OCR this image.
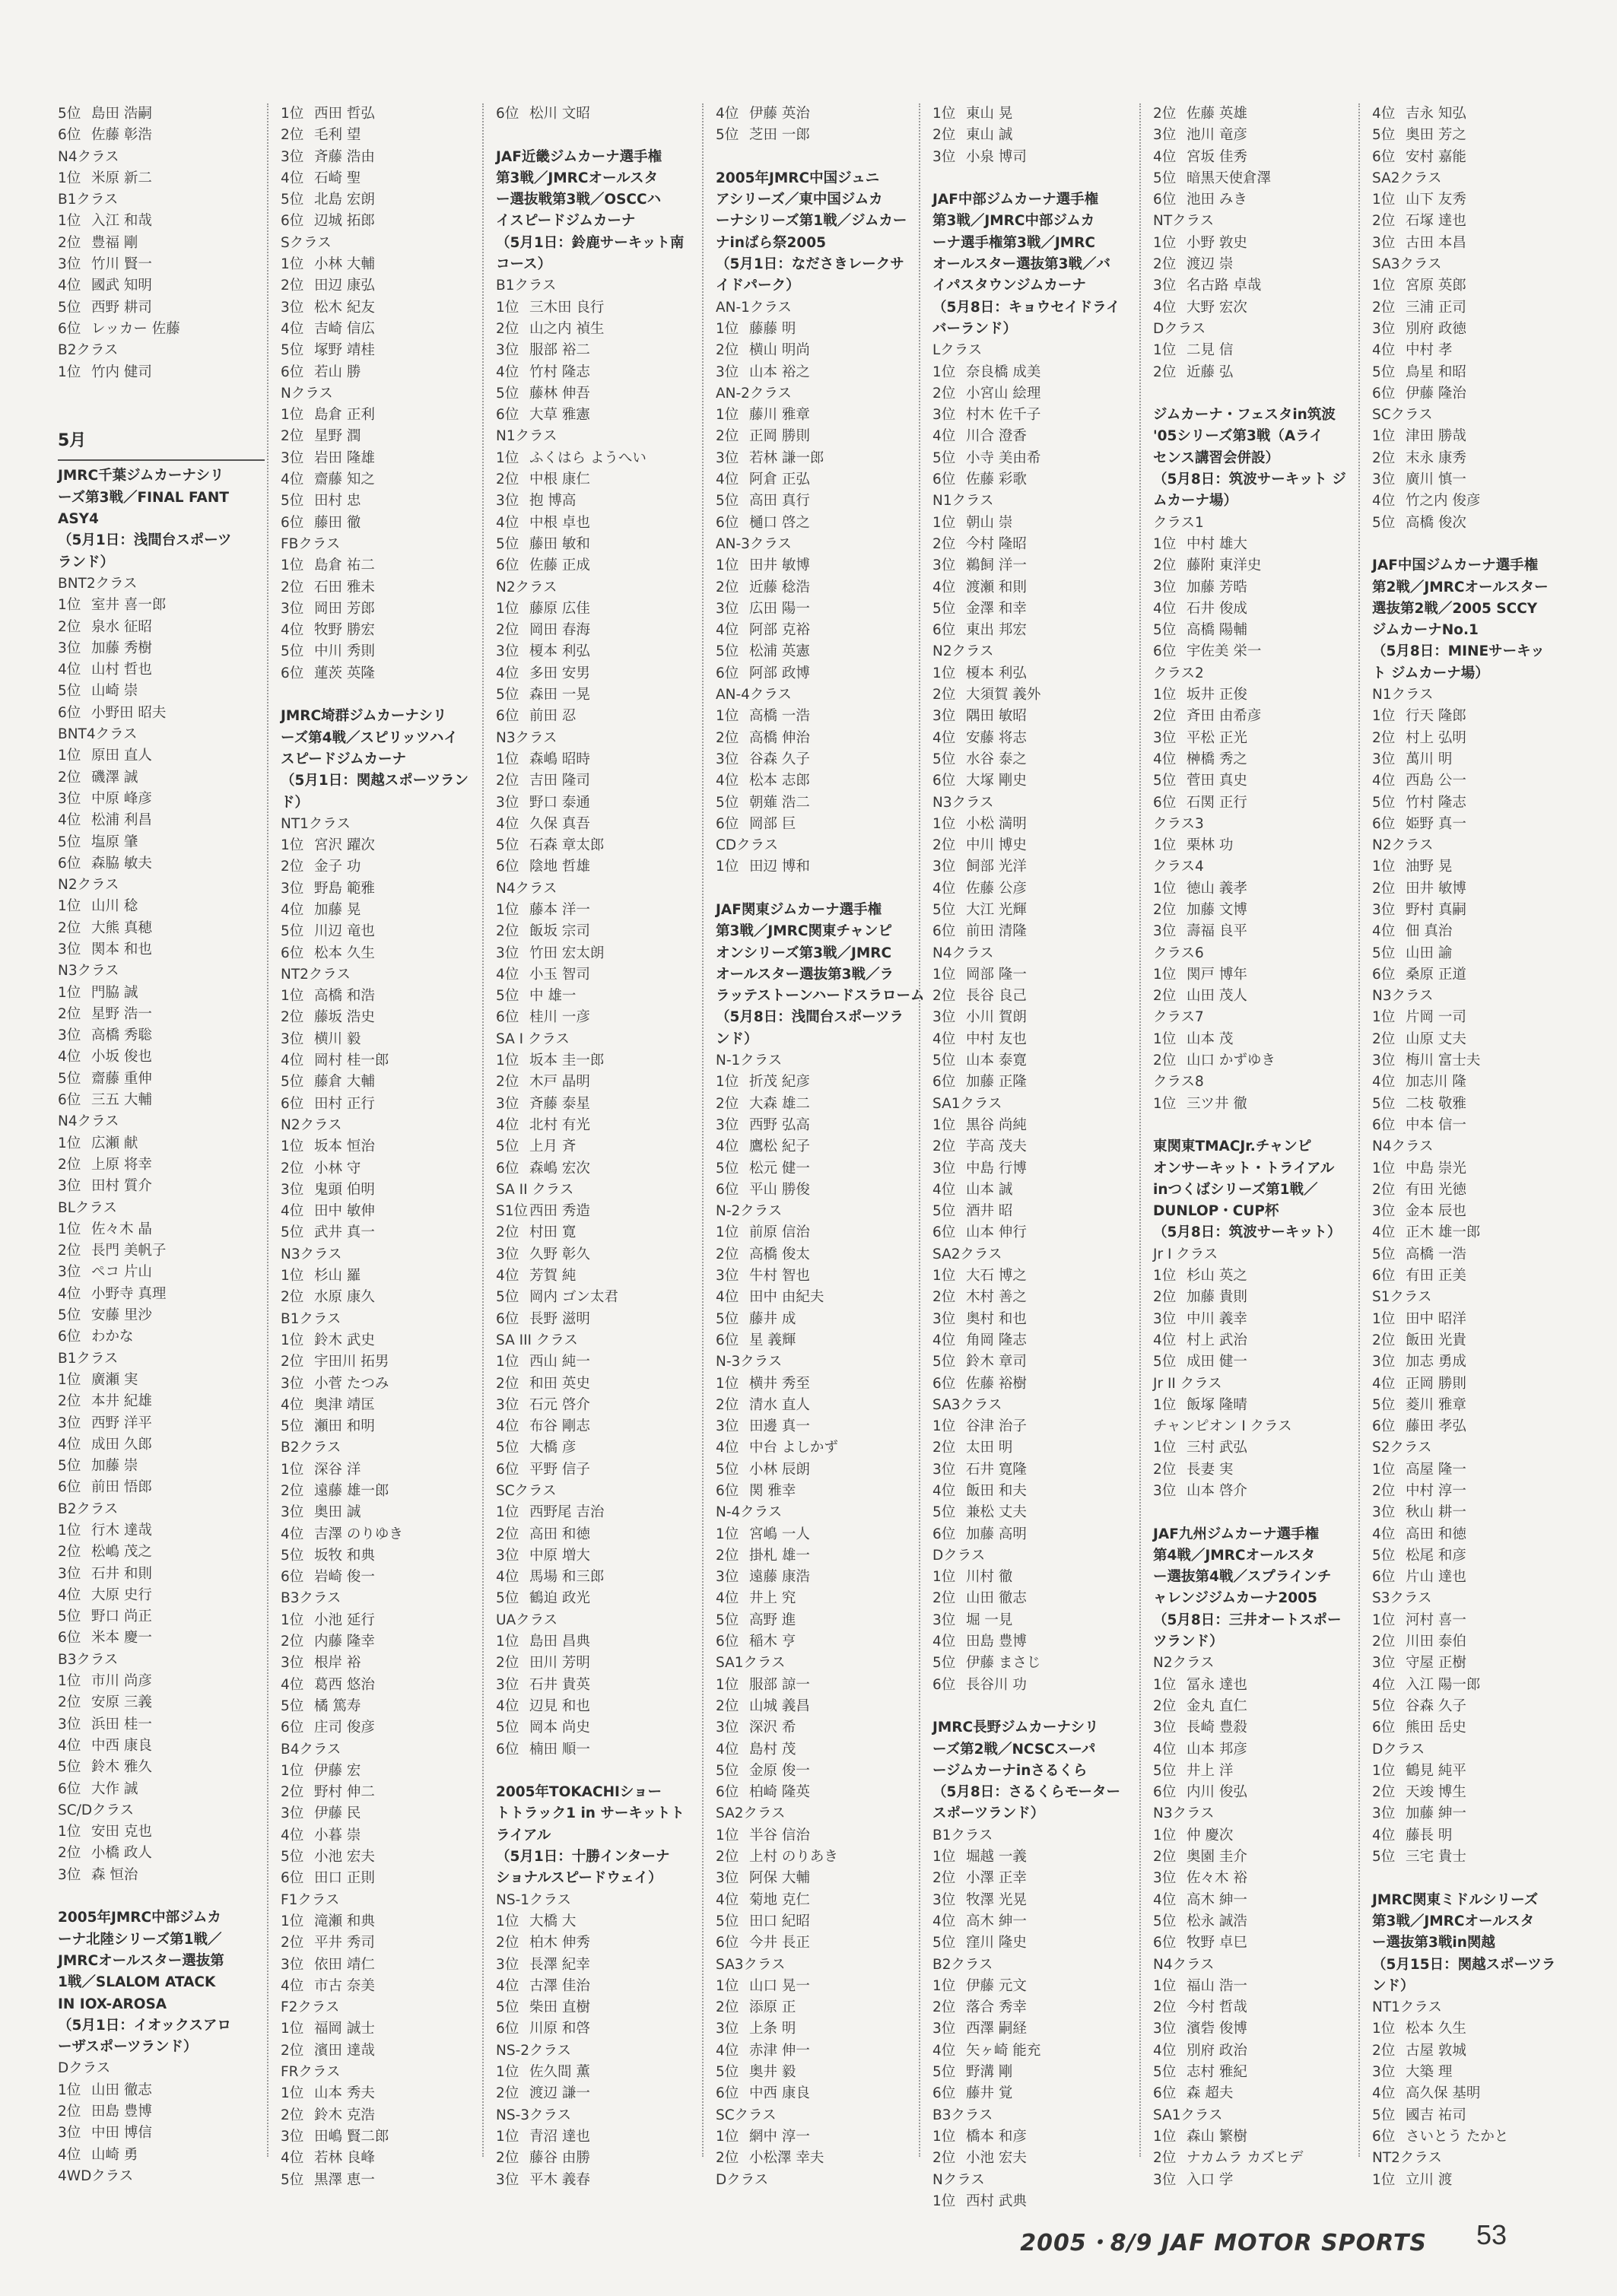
5位 島田 浩嗣
6位 佐藤 彰浩
N4クラス
1位 米原 新二
B1クラス
1位 入江 和哉
2位 豊福 剛
3位 竹川 賢一
4位 國武 知明
5位 西野 耕司
6位 レッカー 佐藤
B2クラス
1位 竹内 健司
5月
JMRC千葉ジムカーナシリ
ーズ第3戦／FINAL FANT
ASY4
（5月1日：浅間台スポーツ
ランド）
BNT2クラス
1位 室井 喜一郎
2位 泉水 征昭
3位 加藤 秀樹
4位 山村 哲也
5位 山崎 崇
6位 小野田 昭夫
BNT4クラス
1位 原田 直人
2位 磯澤 誠
3位 中原 峰彦
4位 松浦 利昌
5位 塩原 肇
6位 森脇 敏夫
N2クラス
1位 山川 稔
2位 大熊 真穂
3位 関本 和也
N3クラス
1位 門脇 誠
2位 星野 浩一
3位 高橋 秀聡
4位 小坂 俊也
5位 齋藤 重伸
6位 三五 大輔
N4クラス
1位 広瀬 献
2位 上原 将幸
3位 田村 質介
BLクラス
1位 佐々木 晶
2位 長門 美帆子
3位 ペコ 片山
4位 小野寺 真理
5位 安藤 里沙
6位 わかな
B1クラス
1位 廣瀬 実
2位 本井 紀雄
3位 西野 洋平
4位 成田 久郎
5位 加藤 崇
6位 前田 悟郎
B2クラス
1位 行木 達哉
2位 松嶋 茂之
3位 石井 和則
4位 大原 史行
5位 野口 尚正
6位 米本 慶一
B3クラス
1位 市川 尚彦
2位 安原 三義
3位 浜田 桂一
4位 中西 康良
5位 鈴木 雅久
6位 大作 誠
SC/Dクラス
1位 安田 克也
2位 小橋 政人
3位 森 恒治
2005年JMRC中部ジムカ
ーナ北陸シリーズ第1戦／
JMRCオールスター選抜第
1戦／SLALOM ATACK
IN IOX-AROSA
（5月1日：イオックスアロ
ーザスポーツランド）
Dクラス
1位 山田 徹志
2位 田島 豊博
3位 中田 博信
4位 山崎 勇
4WDクラス
1位 西田 哲弘
2位 毛利 望
3位 斉藤 浩由
4位 石崎 聖
5位 北島 宏朗
6位 辺城 拓郎
Sクラス
1位 小林 大輔
2位 田辺 康弘
3位 松木 紀友
4位 吉崎 信広
5位 塚野 靖桂
6位 若山 勝
Nクラス
1位 島倉 正利
2位 星野 潤
3位 岩田 隆雄
4位 齋藤 知之
5位 田村 忠
6位 藤田 徹
FBクラス
1位 島倉 祐二
2位 石田 雅未
3位 岡田 芳郎
4位 牧野 勝宏
5位 中川 秀則
6位 蓮茨 英隆
JMRC埼群ジムカーナシリ
ーズ第4戦／スピリッツハイ
スピードジムカーナ
（5月1日：関越スポーツラン
ド）
NT1クラス
1位 宮沢 躍次
2位 金子 功
3位 野島 範雅
4位 加藤 晃
5位 川辺 竜也
6位 松本 久生
NT2クラス
1位 高橋 和浩
2位 藤坂 浩史
3位 横川 毅
4位 岡村 桂一郎
5位 藤倉 大輔
6位 田村 正行
N2クラス
1位 坂本 恒治
2位 小林 守
3位 鬼頭 伯明
4位 田中 敏伸
5位 武井 真一
N3クラス
1位 杉山 羅
2位 水原 康久
B1クラス
1位 鈴木 武史
2位 宇田川 拓男
3位 小菅 たつみ
4位 奥津 靖匡
5位 瀬田 和明
B2クラス
1位 深谷 洋
2位 遠藤 雄一郎
3位 奥田 誠
4位 吉澤 のりゆき
5位 坂牧 和典
6位 岩崎 俊一
B3クラス
1位 小池 延行
2位 内藤 隆幸
3位 根岸 裕
4位 葛西 悠治
5位 橘 篤寿
6位 庄司 俊彦
B4クラス
1位 伊藤 宏
2位 野村 伸二
3位 伊藤 民
4位 小暮 崇
5位 小池 宏夫
6位 田口 正則
F1クラス
1位 滝瀬 和典
2位 平井 秀司
3位 依田 靖仁
4位 市古 奈美
F2クラス
1位 福岡 誠士
2位 濱田 達哉
FRクラス
1位 山本 秀夫
2位 鈴木 克浩
3位 田嶋 賢二郎
4位 若林 良峰
5位 黒澤 恵一
6位 松川 文昭
JAF近畿ジムカーナ選手権
第3戦／JMRCオールスタ
ー選抜戦第3戦／OSCCハ
イスピードジムカーナ
（5月1日：鈴鹿サーキット南
コース）
B1クラス
1位 三木田 良行
2位 山之内 禎生
3位 服部 裕二
4位 竹村 隆志
5位 藤林 伸吾
6位 大草 雅憲
N1クラス
1位 ふくはら ようへい
2位 中根 康仁
3位 抱 博高
4位 中根 卓也
5位 藤田 敏和
6位 佐藤 正成
N2クラス
1位 藤原 広佳
2位 岡田 春海
3位 榎本 利弘
4位 多田 安男
5位 森田 一晃
6位 前田 忍
N3クラス
1位 森嶋 昭時
2位 吉田 隆司
3位 野口 泰通
4位 久保 真吾
5位 石森 章太郎
6位 陰地 哲雄
N4クラス
1位 藤本 洋一
2位 飯坂 宗司
3位 竹田 宏太朗
4位 小玉 智司
5位 中 雄一
6位 桂川 一彦
SA I クラス
1位 坂本 圭一郎
2位 木戸 晶明
3位 斉藤 泰星
4位 北村 有光
5位 上月 斉
6位 森嶋 宏次
SA II クラス
S1位 西田 秀造
2位 村田 寛
3位 久野 彰久
4位 芳賀 純
5位 岡内 ゴン太君
6位 長野 滋明
SA III クラス
1位 西山 純一
2位 和田 英史
3位 石元 啓介
4位 布谷 剛志
5位 大橋 彦
6位 平野 信子
SCクラス
1位 西野尾 吉治
2位 高田 和徳
3位 中原 増大
4位 馬場 和三郎
5位 鶴迫 政光
UAクラス
1位 島田 昌典
2位 田川 芳明
3位 石井 貴英
4位 辺見 和也
5位 岡本 尚史
6位 楠田 順一
2005年TOKACHIショー
トトラック1 in サーキットト
ライアル
（5月1日：十勝インターナ
ショナルスピードウェイ）
NS-1クラス
1位 大橋 大
2位 柏木 伸秀
3位 長澤 紀幸
4位 古澤 佳治
5位 柴田 直樹
6位 川原 和啓
NS-2クラス
1位 佐久間 薫
2位 渡辺 謙一
NS-3クラス
1位 青沼 達也
2位 藤谷 由勝
3位 平木 義春
4位 伊藤 英治
5位 芝田 一郎
2005年JMRC中国ジュニ
アシリーズ／東中国ジムカ
ーナシリーズ第1戦／ジムカー
ナinばら祭2005
（5月1日：なださきレークサ
イドパーク）
AN-1クラス
1位 藤藤 明
2位 横山 明尚
3位 山本 裕之
AN-2クラス
1位 藤川 雅章
2位 正岡 勝則
3位 若林 謙一郎
4位 阿倉 正弘
5位 高田 真行
6位 樋口 啓之
AN-3クラス
1位 田井 敏博
2位 近藤 稔浩
3位 広田 陽一
4位 阿部 克裕
5位 松浦 英憲
6位 阿部 政博
AN-4クラス
1位 高橋 一浩
2位 高橋 伸治
3位 谷森 久子
4位 松本 志郎
5位 朝薙 浩二
6位 岡部 巨
CDクラス
1位 田辺 博和
JAF関東ジムカーナ選手権
第3戦／JMRC関東チャンピ
オンシリーズ第3戦／JMRC
オールスター選抜第3戦／ラ
ラッテストーンハードスラローム
（5月8日：浅間台スポーツラ
ンド）
N-1クラス
1位 折茂 紀彦
2位 大森 雄二
3位 西野 弘高
4位 鷹松 紀子
5位 松元 健一
6位 平山 勝俊
N-2クラス
1位 前原 信治
2位 高橋 俊太
3位 牛村 智也
4位 田中 由紀夫
5位 藤井 成
6位 星 義輝
N-3クラス
1位 横井 秀至
2位 清水 直人
3位 田邊 真一
4位 中台 よしかず
5位 小林 辰朗
6位 関 雅幸
N-4クラス
1位 宮嶋 一人
2位 掛札 雄一
3位 遠藤 康浩
4位 井上 究
5位 高野 進
6位 稲木 亨
SA1クラス
1位 服部 諒一
2位 山城 義昌
3位 深沢 希
4位 島村 茂
5位 金原 俊一
6位 柏崎 隆英
SA2クラス
1位 半谷 信治
2位 上村 のりあき
3位 阿保 大輔
4位 菊地 克仁
5位 田口 紀昭
6位 今井 長正
SA3クラス
1位 山口 晃一
2位 添原 正
3位 上条 明
4位 赤津 伸一
5位 奥井 毅
6位 中西 康良
SCクラス
1位 網中 淳一
2位 小松澤 幸夫
Dクラス
1位 東山 晃
2位 東山 誠
3位 小泉 博司
JAF中部ジムカーナ選手権
第3戦／JMRC中部ジムカ
ーナ選手権第3戦／JMRC
オールスター選抜第3戦／バ
イパスタウンジムカーナ
（5月8日：キョウセイドライ
バーランド）
Lクラス
1位 奈良橋 成美
2位 小宮山 絵理
3位 村木 佐千子
4位 川合 澄香
5位 小寺 美由希
6位 佐藤 彩歌
N1クラス
1位 朝山 崇
2位 今村 隆昭
3位 鵜飼 洋一
4位 渡瀬 和則
5位 金澤 和幸
6位 東出 邦宏
N2クラス
1位 榎本 利弘
2位 大須賀 義外
3位 隅田 敏昭
4位 安藤 将志
5位 水谷 泰之
6位 大塚 剛史
N3クラス
1位 小松 満明
2位 中川 博史
3位 飼部 光洋
4位 佐藤 公彦
5位 大江 光輝
6位 前田 清隆
N4クラス
1位 岡部 隆一
2位 長谷 良己
3位 小川 賀朗
4位 中村 友也
5位 山本 泰寛
6位 加藤 正隆
SA1クラス
1位 黒谷 尚純
2位 芋高 茂夫
3位 中島 行博
4位 山本 誠
5位 酒井 昭
6位 山本 伸行
SA2クラス
1位 大石 博之
2位 木村 善之
3位 奥村 和也
4位 角岡 隆志
5位 鈴木 章司
6位 佐藤 裕樹
SA3クラス
1位 谷津 治子
2位 太田 明
3位 石井 寛隆
4位 飯田 和夫
5位 兼松 丈夫
6位 加藤 高明
Dクラス
1位 川村 徹
2位 山田 徹志
3位 堀 一見
4位 田島 豊博
5位 伊藤 まさじ
6位 長谷川 功
JMRC長野ジムカーナシリ
ーズ第2戦／NCSCスーパ
ージムカーナinさるくら
（5月8日：さるくらモーター
スポーツランド）
B1クラス
1位 堀越 一義
2位 小澤 正幸
3位 牧澤 光晃
4位 高木 紳一
5位 窪川 隆史
B2クラス
1位 伊藤 元文
2位 落合 秀幸
3位 西澤 嗣経
4位 矢ヶ崎 能充
5位 野溝 剛
6位 藤井 覚
B3クラス
1位 橋本 和彦
2位 小池 宏夫
Nクラス
1位 西村 武典
2位 佐藤 英雄
3位 池川 竜彦
4位 宮坂 佳秀
5位 暗黒天使倉澤
6位 池田 みき
NTクラス
1位 小野 敦史
2位 渡辺 崇
3位 名古路 卓哉
4位 大野 宏次
Dクラス
1位 二見 信
2位 近藤 弘
ジムカーナ・フェスタin筑波
'05シリーズ第3戦（Aライ
センス講習会併設）
（5月8日：筑波サーキット ジ
ムカーナ場）
クラス1
1位 中村 雄大
2位 藤附 東洋史
3位 加藤 芳晧
4位 石井 俊成
5位 高橋 陽輔
6位 宇佐美 栄一
クラス2
1位 坂井 正俊
2位 斉田 由希彦
3位 平松 正光
4位 榊橋 秀之
5位 菅田 真史
6位 石関 正行
クラス3
1位 栗林 功
クラス4
1位 徳山 義孝
2位 加藤 文博
3位 壽福 良平
クラス6
1位 関戸 博年
2位 山田 茂人
クラス7
1位 山本 茂
2位 山口 かずゆき
クラス8
1位 三ツ井 徹
東関東TMACJr.チャンピ
オンサーキット・トライアル
inつくばシリーズ第1戦／
DUNLOP・CUP杯
（5月8日：筑波サーキット）
Jr I クラス
1位 杉山 英之
2位 加藤 貴則
3位 中川 義幸
4位 村上 武治
5位 成田 健一
Jr II クラス
1位 飯塚 隆晴
チャンピオン I クラス
1位 三村 武弘
2位 長妻 実
3位 山本 啓介
JAF九州ジムカーナ選手権
第4戦／JMRCオールスタ
ー選抜第4戦／スプラインチ
ャレンジジムカーナ2005
（5月8日：三井オートスポー
ツランド）
N2クラス
1位 冨永 達也
2位 金丸 直仁
3位 長崎 豊殺
4位 山本 邦彦
5位 井上 洋
6位 内川 俊弘
N3クラス
1位 仲 慶次
2位 奥園 圭介
3位 佐々木 裕
4位 高木 紳一
5位 松永 誠浩
6位 牧野 卓巳
N4クラス
1位 福山 浩一
2位 今村 哲哉
3位 濱砦 俊博
4位 別府 政治
5位 志村 雅紀
6位 森 超夫
SA1クラス
1位 森山 繁樹
2位 ナカムラ カズヒデ
3位 入口 学
4位 吉永 知弘
5位 奥田 芳之
6位 安村 嘉能
SA2クラス
1位 山下 友秀
2位 石塚 達也
3位 古田 本昌
SA3クラス
1位 宮原 英郎
2位 三浦 正司
3位 別府 政徳
4位 中村 孝
5位 鳥星 和昭
6位 伊藤 隆治
SCクラス
1位 津田 勝哉
2位 末永 康秀
3位 廣川 慎一
4位 竹之内 俊彦
5位 高橋 俊次
JAF中国ジムカーナ選手権
第2戦／JMRCオールスター
選抜第2戦／2005 SCCY
ジムカーナNo.1
（5月8日：MINEサーキッ
ト ジムカーナ場）
N1クラス
1位 行天 隆郎
2位 村上 弘明
3位 萬川 明
4位 西島 公一
5位 竹村 隆志
6位 姫野 真一
N2クラス
1位 油野 晃
2位 田井 敏博
3位 野村 真嗣
4位 佃 真治
5位 山田 諭
6位 桑原 正道
N3クラス
1位 片岡 一司
2位 山原 丈夫
3位 梅川 富士夫
4位 加志川 隆
5位 二枝 敬雅
6位 中本 信一
N4クラス
1位 中島 崇光
2位 有田 光徳
3位 金本 辰也
4位 正木 雄一郎
5位 高橋 一浩
6位 有田 正美
S1クラス
1位 田中 昭洋
2位 飯田 光貴
3位 加志 勇成
4位 正岡 勝則
5位 菱川 雅章
6位 藤田 孝弘
S2クラス
1位 高屋 隆一
2位 中村 淳一
3位 秋山 耕一
4位 高田 和徳
5位 松尾 和彦
6位 片山 達也
S3クラス
1位 河村 喜一
2位 川田 泰伯
3位 守屋 正樹
4位 入江 陽一郎
5位 谷森 久子
6位 熊田 岳史
Dクラス
1位 鶴見 純平
2位 天竣 博生
3位 加藤 紳一
4位 藤長 明
5位 三宅 貴士
JMRC関東ミドルシリーズ
第3戦／JMRCオールスタ
ー選抜第3戦in関越
（5月15日：関越スポーツラ
ンド）
NT1クラス
1位 松本 久生
2位 古屋 敦城
3位 大築 理
4位 高久保 基明
5位 國吉 祐司
6位 さいとう たかと
NT2クラス
1位 立川 渡
2005・8/9 JAF MOTOR SPORTS 53
